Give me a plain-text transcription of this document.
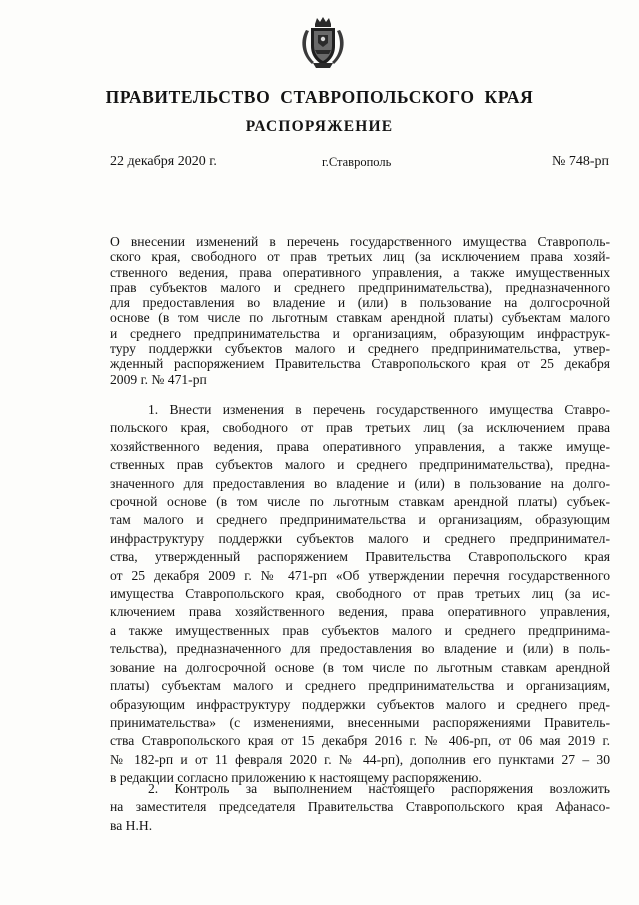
ПРАВИТЕЛЬСТВО СТАВРОПОЛЬСКОГО КРАЯ
РАСПОРЯЖЕНИЕ
22 декабря 2020 г.	г.Ставрополь	№ 748-рп
О внесении изменений в перечень государственного имущества Ставрополь-
ского края, свободного от прав третьих лиц (за исключением права хозяй-
ственного ведения, права оперативного управления, а также имущественных
прав субъектов малого и среднего предпринимательства), предназначенного
для предоставления во владение и (или) в пользование на долгосрочной
основе (в том числе по льготным ставкам арендной платы) субъектам малого
и среднего предпринимательства и организациям, образующим инфраструк-
туру поддержки субъектов малого и среднего предпринимательства, утвер-
жденный распоряжением Правительства Ставропольского края от 25 декабря
2009 г. № 471-рп
1. Внести изменения в перечень государственного имущества Ставро-
польского края, свободного от прав третьих лиц (за исключением права
хозяйственного ведения, права оперативного управления, а также имуще-
ственных прав субъектов малого и среднего предпринимательства), предна-
значенного для предоставления во владение и (или) в пользование на долго-
срочной основе (в том числе по льготным ставкам арендной платы) субъек-
там малого и среднего предпринимательства и организациям, образующим
инфраструктуру поддержки субъектов малого и среднего предпринимател-
ства, утвержденный распоряжением Правительства Ставропольского края
от 25 декабря 2009 г. № 471-рп «Об утверждении перечня государственного
имущества Ставропольского края, свободного от прав третьих лиц (за ис-
ключением права хозяйственного ведения, права оперативного управления,
а также имущественных прав субъектов малого и среднего предпринима-
тельства), предназначенного для предоставления во владение и (или) в поль-
зование на долгосрочной основе (в том числе по льготным ставкам арендной
платы) субъектам малого и среднего предпринимательства и организациям,
образующим инфраструктуру поддержки субъектов малого и среднего пред-
принимательства» (с изменениями, внесенными распоряжениями Правитель-
ства Ставропольского края от 15 декабря 2016 г. № 406-рп, от 06 мая 2019 г.
№ 182-рп и от 11 февраля 2020 г. № 44-рп), дополнив его пунктами 27 – 30
в редакции согласно приложению к настоящему распоряжению.
2. Контроль за выполнением настоящего распоряжения возложить
на заместителя председателя Правительства Ставропольского края Афанасо-
ва Н.Н.
